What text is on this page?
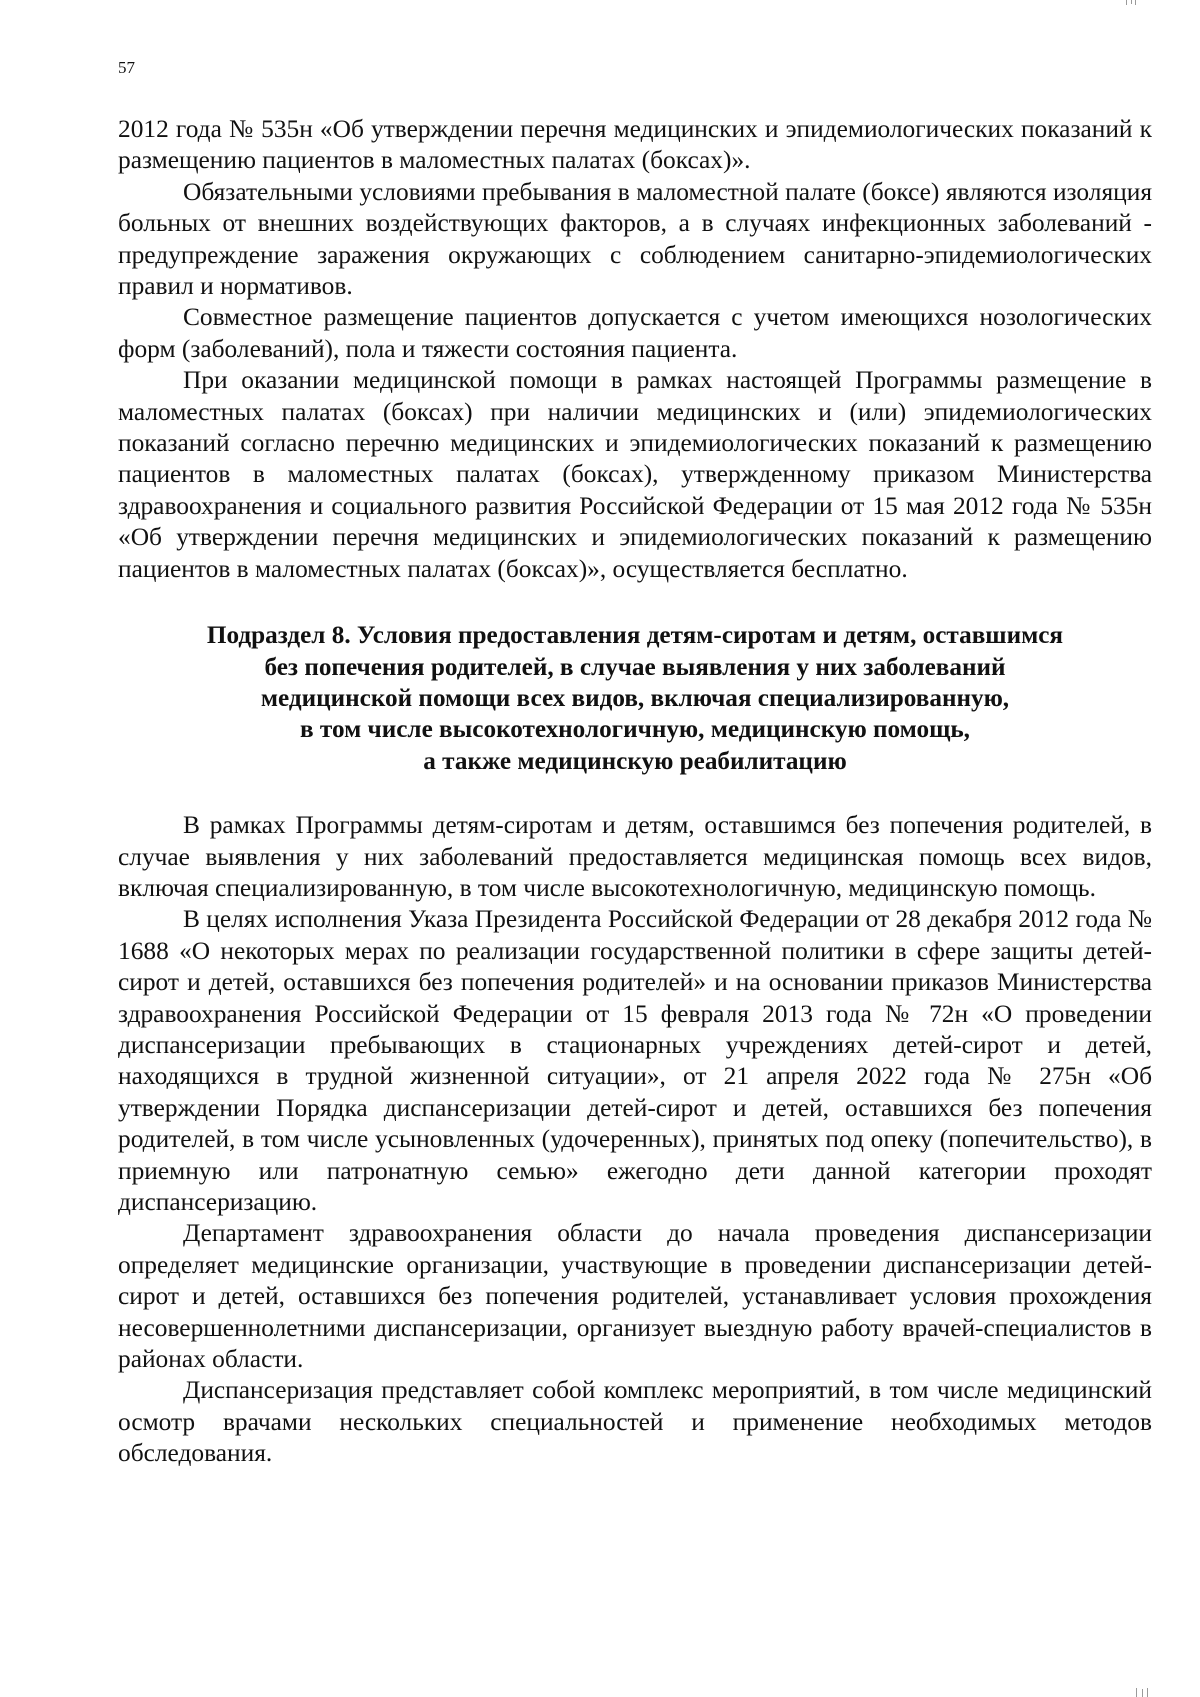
57

2012 года № 535н «Об утверждении перечня медицинских и эпидемиологических показаний к размещению пациентов в маломестных палатах (боксах)».

Обязательными условиями пребывания в маломестной палате (боксе) являются изоляция больных от внешних воздействующих факторов, а в случаях инфекционных заболеваний - предупреждение заражения окружающих с соблюдением санитарно-эпидемиологических правил и нормативов.

Совместное размещение пациентов допускается с учетом имеющихся нозологических форм (заболеваний), пола и тяжести состояния пациента.

При оказании медицинской помощи в рамках настоящей Программы размещение в маломестных палатах (боксах) при наличии медицинских и (или) эпидемиологических показаний согласно перечню медицинских и эпидемиологических показаний к размещению пациентов в маломестных палатах (боксах), утвержденному приказом Министерства здравоохранения и социального развития Российской Федерации от 15 мая 2012 года № 535н «Об утверждении перечня медицинских и эпидемиологических показаний к размещению пациентов в маломестных палатах (боксах)», осуществляется бесплатно.

Подраздел 8. Условия предоставления детям-сиротам и детям, оставшимся
без попечения родителей, в случае выявления у них заболеваний
медицинской помощи всех видов, включая специализированную,
в том числе высокотехнологичную, медицинскую помощь,
а также медицинскую реабилитацию

В рамках Программы детям-сиротам и детям, оставшимся без попечения родителей, в случае выявления у них заболеваний предоставляется медицинская помощь всех видов, включая специализированную, в том числе высокотехнологичную, медицинскую помощь.

В целях исполнения Указа Президента Российской Федерации от 28 декабря 2012 года № 1688 «О некоторых мерах по реализации государственной политики в сфере защиты детей-сирот и детей, оставшихся без попечения родителей» и на основании приказов Министерства здравоохранения Российской Федерации от 15 февраля 2013 года № 72н «О проведении диспансеризации пребывающих в стационарных учреждениях детей-сирот и детей, находящихся в трудной жизненной ситуации», от 21 апреля 2022 года № 275н «Об утверждении Порядка диспансеризации детей-сирот и детей, оставшихся без попечения родителей, в том числе усыновленных (удочеренных), принятых под опеку (попечительство), в приемную или патронатную семью» ежегодно дети данной категории проходят диспансеризацию.

Департамент здравоохранения области до начала проведения диспансеризации определяет медицинские организации, участвующие в проведении диспансеризации детей-сирот и детей, оставшихся без попечения родителей, устанавливает условия прохождения несовершеннолетними диспансеризации, организует выездную работу врачей-специалистов в районах области.

Диспансеризация представляет собой комплекс мероприятий, в том числе медицинский осмотр врачами нескольких специальностей и применение необходимых методов обследования.
